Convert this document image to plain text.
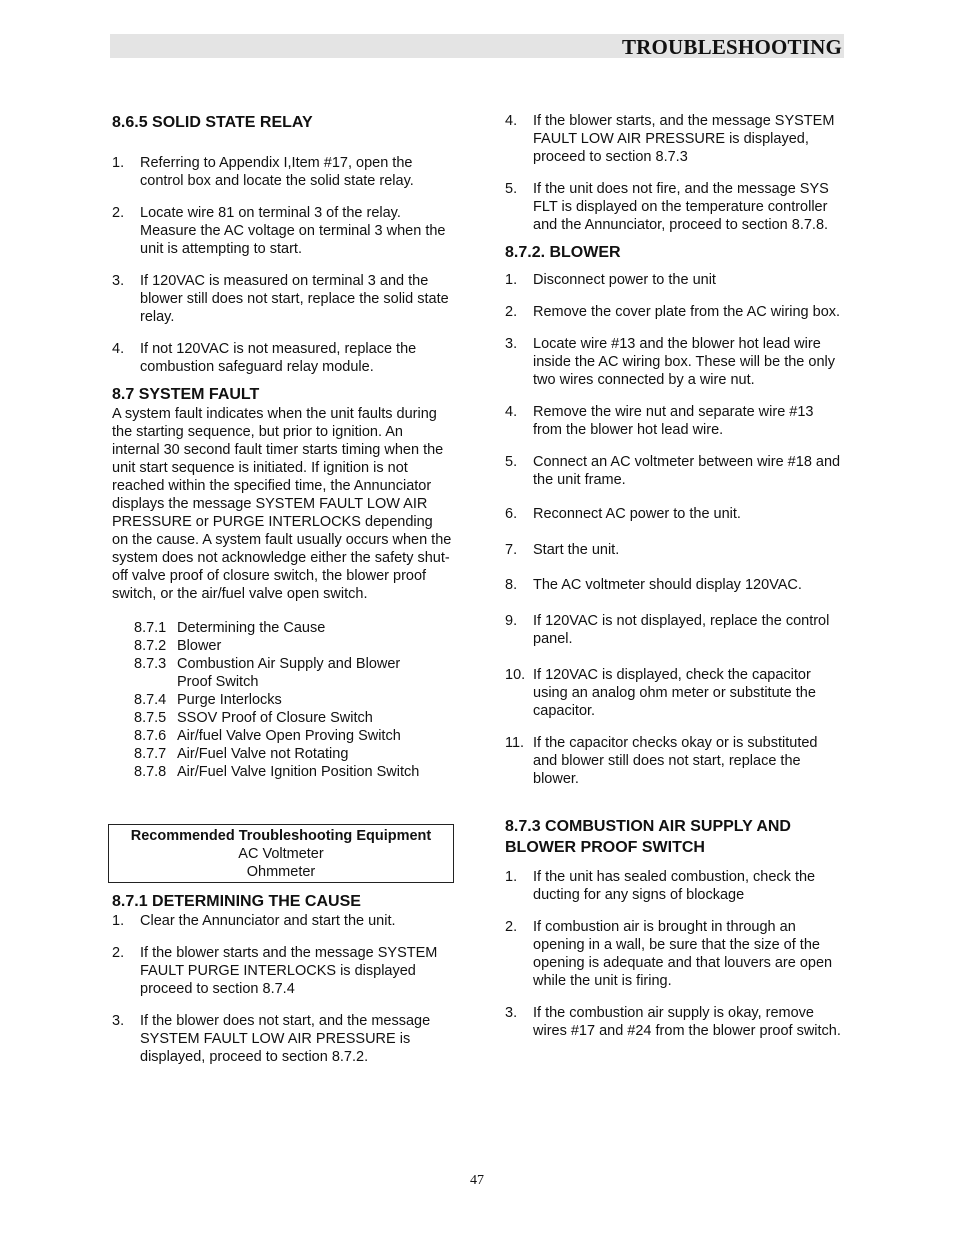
TROUBLESHOOTING
8.6.5 SOLID STATE RELAY
1. Referring to Appendix I,Item #17, open the control box and locate the solid state relay.
2. Locate wire 81 on terminal 3 of the relay. Measure the AC voltage on terminal 3 when the unit is attempting to start.
3. If 120VAC is measured on terminal 3 and the blower still does not start, replace the solid state relay.
4. If not 120VAC is not measured, replace the combustion safeguard relay module.
8.7 SYSTEM FAULT

A system fault indicates when the unit faults during the starting sequence, but prior to ignition. An internal 30 second fault timer starts timing when the unit start sequence is initiated. If ignition is not reached within the specified time, the Annunciator displays the message SYSTEM FAULT LOW AIR PRESSURE or PURGE INTERLOCKS depending on the cause. A system fault usually occurs when the system does not acknowledge either the safety shut-off valve proof of closure switch, the blower proof switch, or the air/fuel valve open switch.

8.7.1 Determining the Cause
8.7.2 Blower
8.7.3 Combustion Air Supply and Blower Proof Switch
8.7.4 Purge Interlocks
8.7.5 SSOV Proof of Closure Switch
8.7.6 Air/fuel Valve Open Proving Switch
8.7.7 Air/Fuel Valve not Rotating
8.7.8 Air/Fuel Valve Ignition Position Switch
Recommended Troubleshooting Equipment
AC Voltmeter
Ohmmeter
8.7.1 DETERMINING THE CAUSE
1. Clear the Annunciator and start the unit.
2. If the blower starts and the message SYSTEM FAULT PURGE INTERLOCKS is displayed proceed to section 8.7.4
3. If the blower does not start, and the message SYSTEM FAULT LOW AIR PRESSURE is displayed, proceed to section 8.7.2.
4. If the blower starts, and the message SYSTEM FAULT LOW AIR PRESSURE is displayed, proceed to section 8.7.3
5. If the unit does not fire, and the message SYS FLT is displayed on the temperature controller and the Annunciator, proceed to section 8.7.8.
8.7.2. BLOWER
1. Disconnect power to the unit
2. Remove the cover plate from the AC wiring box.
3. Locate wire #13 and the blower hot lead wire inside the AC wiring box. These will be the only two wires connected by a wire nut.
4. Remove the wire nut and separate wire #13 from the blower hot lead wire.
5. Connect an AC voltmeter between wire #18 and the unit frame.
6. Reconnect AC power to the unit.
7. Start the unit.
8. The AC voltmeter should display 120VAC.
9. If 120VAC is not displayed, replace the control panel.
10. If 120VAC is displayed, check the capacitor using an analog ohm meter or substitute the capacitor.
11. If the capacitor checks okay or is substituted and blower still does not start, replace the blower.
8.7.3 COMBUSTION AIR SUPPLY AND BLOWER PROOF SWITCH
1. If the unit has sealed combustion, check the ducting for any signs of blockage
2. If combustion air is brought in through an opening in a wall, be sure that the size of the opening is adequate and that louvers are open while the unit is firing.
3. If the combustion air supply is okay, remove wires #17 and #24 from the blower proof switch.
47
